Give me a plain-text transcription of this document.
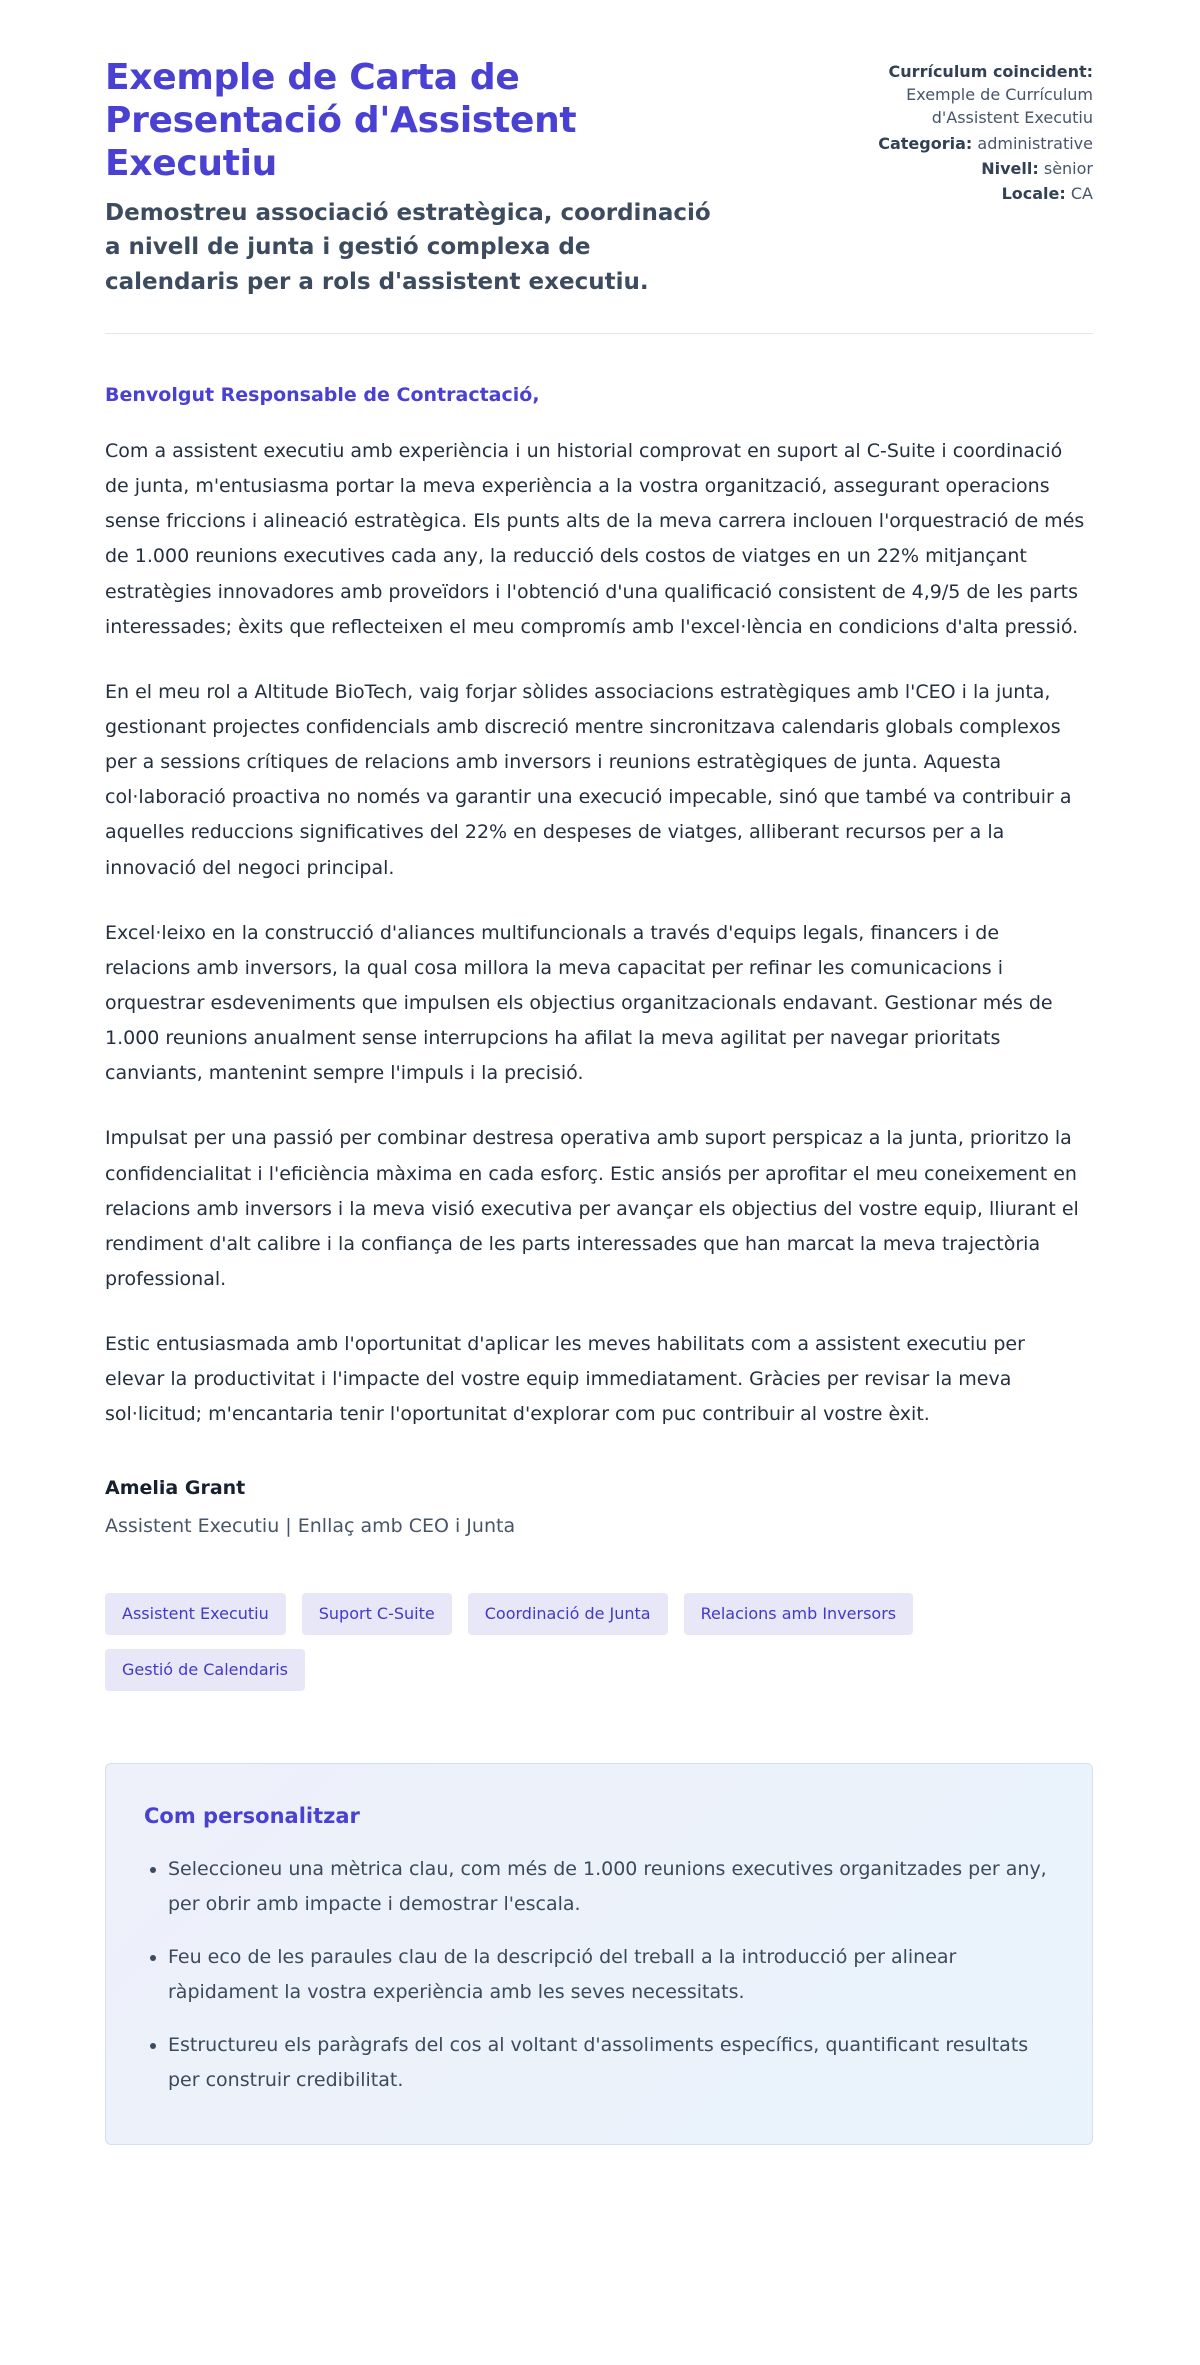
Exemple de Carta de Presentació d'Assistent Executiu

Demostreu associació estratègica, coordinació a nivell de junta i gestió complexa de calendaris per a rols d'assistent executiu.

Currículum coincident:
Exemple de Currículum d'Assistent Executiu

Categoria: administrative

Nivell: sènior

Locale: CA

Benvolgut Responsable de Contractació,

Com a assistent executiu amb experiència i un historial comprovat en suport al C-Suite i coordinació de junta, m'entusiasma portar la meva experiència a la vostra organització, assegurant operacions sense friccions i alineació estratègica. Els punts alts de la meva carrera inclouen l'orquestració de més de 1.000 reunions executives cada any, la reducció dels costos de viatges en un 22% mitjançant estratègies innovadores amb proveïdors i l'obtenció d'una qualificació consistent de 4,9/5 de les parts interessades; èxits que reflecteixen el meu compromís amb l'excel·lència en condicions d'alta pressió.

En el meu rol a Altitude BioTech, vaig forjar sòlides associacions estratègiques amb l'CEO i la junta, gestionant projectes confidencials amb discreció mentre sincronitzava calendaris globals complexos per a sessions crítiques de relacions amb inversors i reunions estratègiques de junta. Aquesta col·laboració proactiva no només va garantir una execució impecable, sinó que també va contribuir a aquelles reduccions significatives del 22% en despeses de viatges, alliberant recursos per a la innovació del negoci principal.

Excel·leixo en la construcció d'aliances multifuncionals a través d'equips legals, financers i de relacions amb inversors, la qual cosa millora la meva capacitat per refinar les comunicacions i orquestrar esdeveniments que impulsen els objectius organitzacionals endavant. Gestionar més de 1.000 reunions anualment sense interrupcions ha afilat la meva agilitat per navegar prioritats canviants, mantenint sempre l'impuls i la precisió.

Impulsat per una passió per combinar destresa operativa amb suport perspicaz a la junta, prioritzo la confidencialitat i l'eficiència màxima en cada esforç. Estic ansiós per aprofitar el meu coneixement en relacions amb inversors i la meva visió executiva per avançar els objectius del vostre equip, lliurant el rendiment d'alt calibre i la confiança de les parts interessades que han marcat la meva trajectòria professional.

Estic entusiasmada amb l'oportunitat d'aplicar les meves habilitats com a assistent executiu per elevar la productivitat i l'impacte del vostre equip immediatament. Gràcies per revisar la meva sol·licitud; m'encantaria tenir l'oportunitat d'explorar com puc contribuir al vostre èxit.

Amelia Grant

Assistent Executiu | Enllaç amb CEO i Junta

Assistent Executiu	Suport C-Suite	Coordinació de Junta	Relacions amb Inversors
Gestió de Calendaris
Com personalitzar
• Seleccioneu una mètrica clau, com més de 1.000 reunions executives organitzades per any, per obrir amb impacte i demostrar l'escala.
• Feu eco de les paraules clau de la descripció del treball a la introducció per alinear ràpidament la vostra experiència amb les seves necessitats.
• Estructureu els paràgrafs del cos al voltant d'assoliments específics, quantificant resultats per construir credibilitat.
